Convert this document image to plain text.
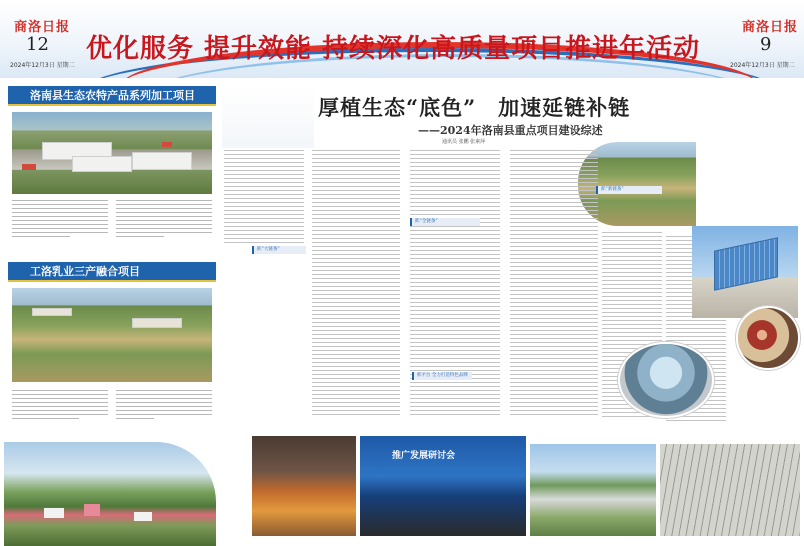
商洛日报
12
2024年12月3日 星期二
优化服务 提升效能 持续深化高质量项目推进年活动
商洛日报
9
2024年12月3日 星期二
洛南县生态农特产品系列加工项目
工洛乳业三产融合项目
厚植生态“底色”　加速延链补链
——2024年洛南县重点项目建设综述
通讯员 张鹏 张素萍
抓“大链条”
抓“全链条”
抓平台 全力打造特色品牌
抓“新链条”
推广发展研讨会
